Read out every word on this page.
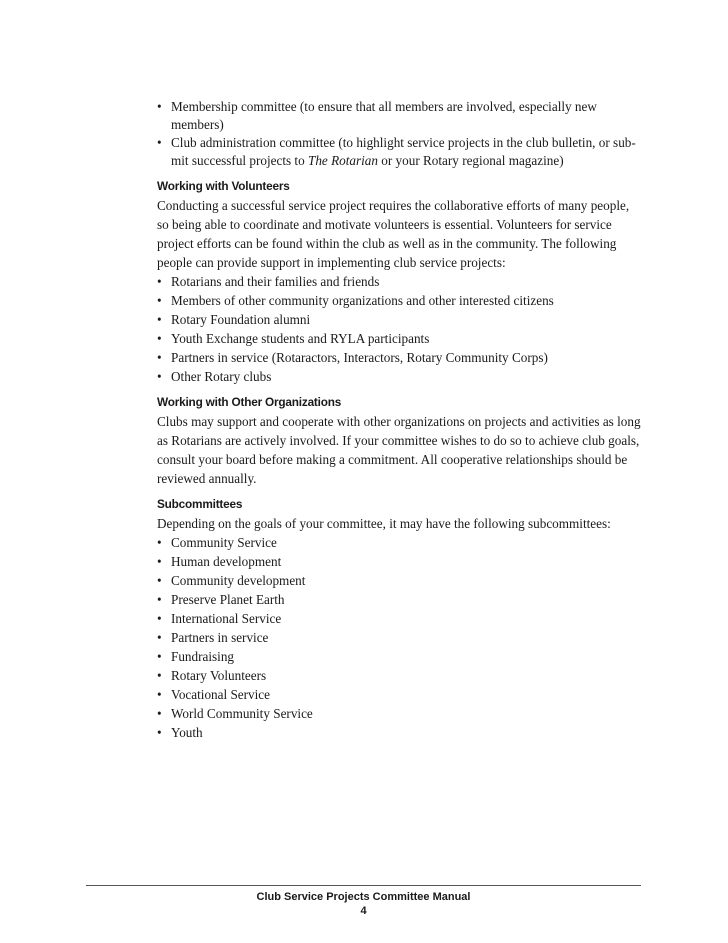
• Membership committee (to ensure that all members are involved, especially new members)
• Club administration committee (to highlight service projects in the club bulletin, or sub-mit successful projects to The Rotarian or your Rotary regional magazine)
Working with Volunteers

Conducting a successful service project requires the collaborative efforts of many people, so being able to coordinate and motivate volunteers is essential. Volunteers for service project efforts can be found within the club as well as in the community. The following people can provide support in implementing club service projects:

• Rotarians and their families and friends
• Members of other community organizations and other interested citizens
• Rotary Foundation alumni
• Youth Exchange students and RYLA participants
• Partners in service (Rotaractors, Interactors, Rotary Community Corps)
• Other Rotary clubs
Working with Other Organizations

Clubs may support and cooperate with other organizations on projects and activities as long as Rotarians are actively involved. If your committee wishes to do so to achieve club goals, consult your board before making a commitment. All cooperative relationships should be reviewed annually.

Subcommittees

Depending on the goals of your committee, it may have the following subcommittees:

• Community Service
• Human development
• Community development
• Preserve Planet Earth
• International Service
• Partners in service
• Fundraising
• Rotary Volunteers
• Vocational Service
• World Community Service
• Youth
Club Service Projects Committee Manual
4
